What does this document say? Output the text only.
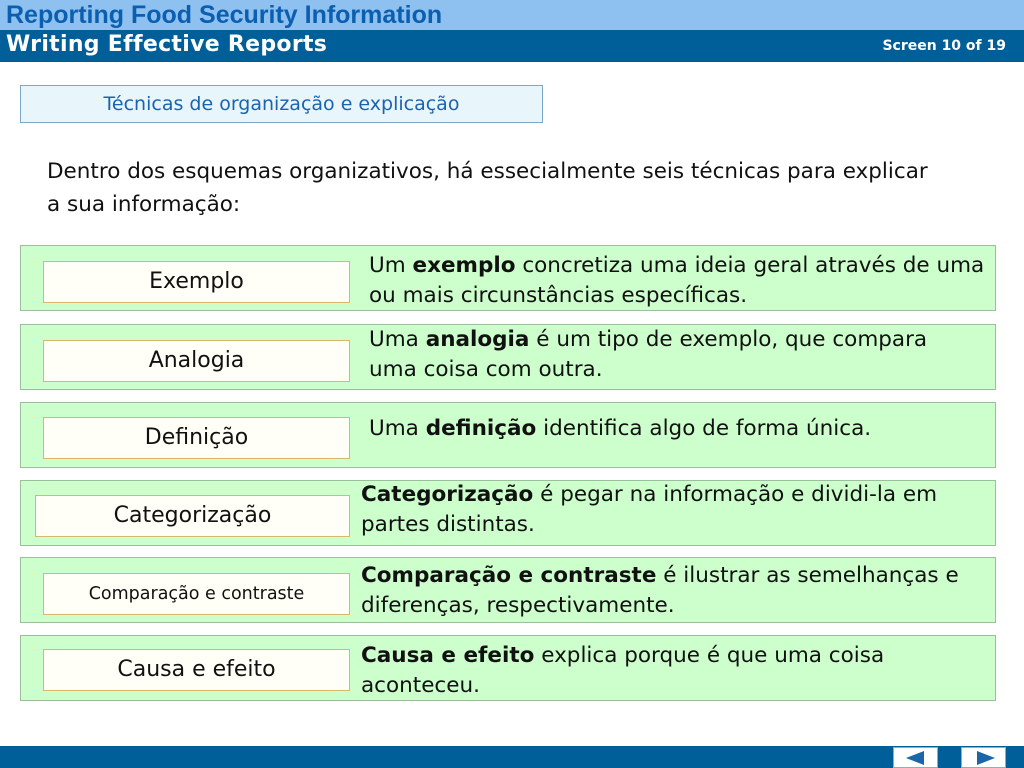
Reporting Food Security Information
Writing Effective Reports	Screen 10 of 19
Técnicas de organização e explicação
Dentro dos esquemas organizativos, há essecialmente seis técnicas para explicar a sua informação:
Exemplo
Um exemplo concretiza uma ideia geral através de uma ou mais circunstâncias específicas.
Analogia
Uma analogia é um tipo de exemplo, que compara uma coisa com outra.
Definição	Uma definição identifica algo de forma única.
Categorização
Categorização é pegar na informação e dividi-la em partes distintas.
Comparação e contraste
Comparação e contraste é ilustrar as semelhanças e diferenças, respectivamente.
Causa e efeito
Causa e efeito explica porque é que uma coisa aconteceu.
